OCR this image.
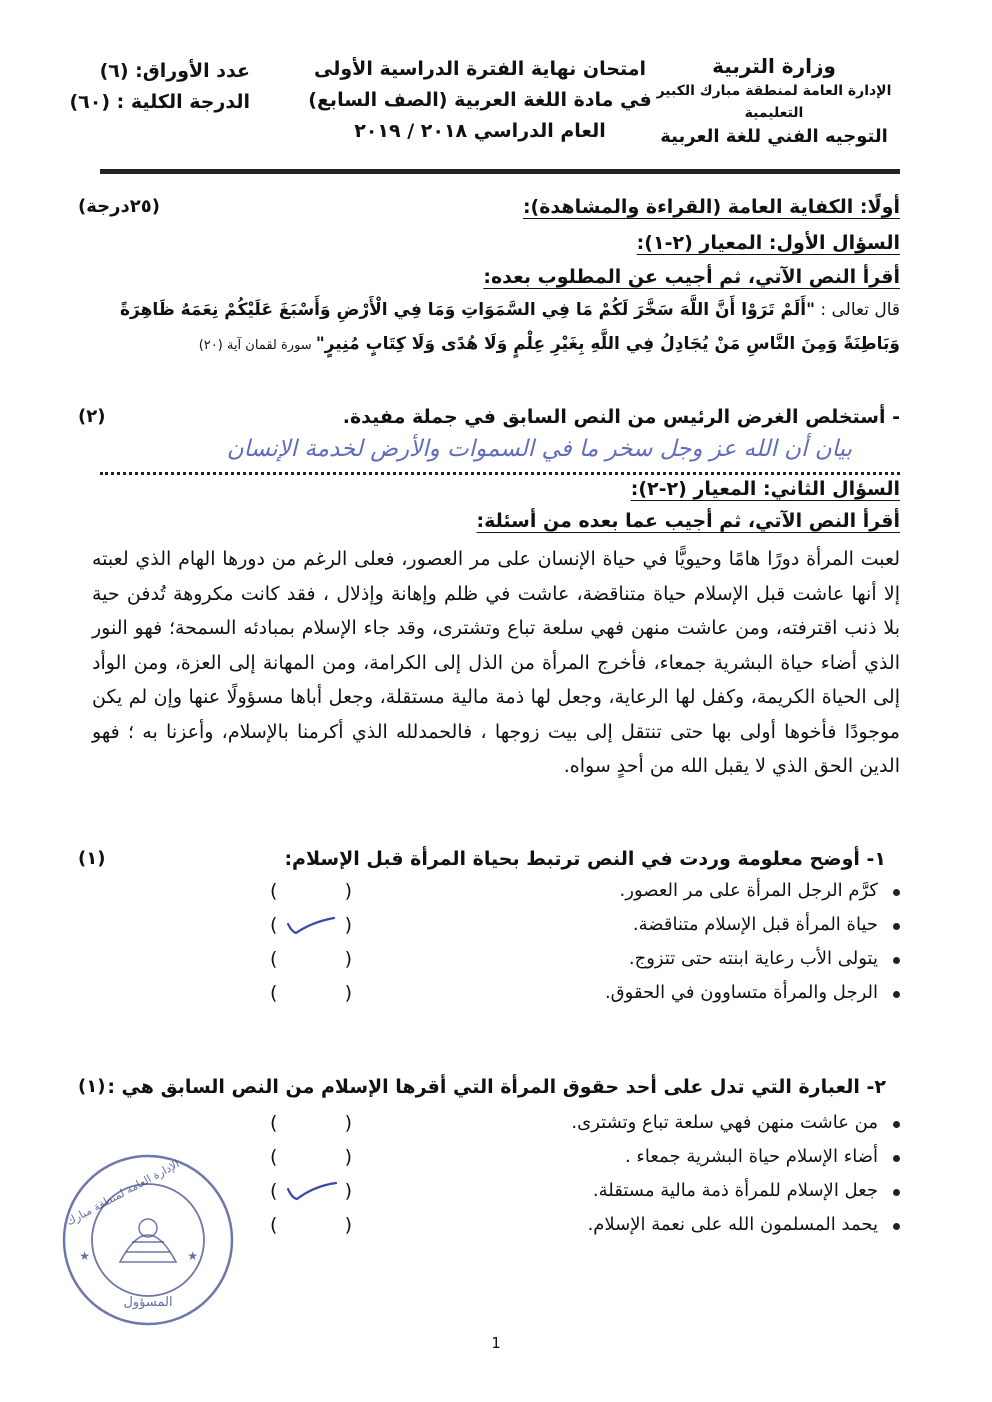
وزارة التربية
الإدارة العامة لمنطقة مبارك الكبير التعليمية
التوجيه الفني للغة العربية
امتحان نهاية الفترة الدراسية الأولى
في مادة اللغة العربية (الصف السابع)
العام الدراسي ٢٠١٨ / ٢٠١٩
عدد الأوراق: (٦)
الدرجة الكلية : (٦٠)
أولًا: الكفاية العامة (القراءة والمشاهدة):
(٢٥درجة)
السؤال الأول: المعيار (٢-١):
أقرأ النص الآتي، ثم أجيب عن المطلوب بعده:
قال تعالى : "أَلَمْ تَرَوْا أَنَّ اللَّهَ سَخَّرَ لَكُمْ مَا فِي السَّمَوَاتِ وَمَا فِي الْأَرْضِ وَأَسْبَغَ عَلَيْكُمْ نِعَمَهُ ظَاهِرَةً وَبَاطِنَةً وَمِنَ النَّاسِ مَنْ يُجَادِلُ فِي اللَّهِ بِغَيْرِ عِلْمٍ وَلَا هُدًى وَلَا كِتَابٍ مُنِيرٍ" سورة لقمان آية (٢٠)
- أستخلص الغرض الرئيس من النص السابق في جملة مفيدة.
(٢)
بيان أن الله عز وجل سخر ما في السموات والأرض لخدمة الإنسان
السؤال الثاني: المعيار (٢-٢):
أقرأ النص الآتي، ثم أجيب عما بعده من أسئلة:
لعبت المرأة دورًا هامًا وحيويًّا في حياة الإنسان على مر العصور، فعلى الرغم من دورها الهام الذي لعبته إلا أنها عاشت قبل الإسلام حياة متناقضة، عاشت في ظلم وإهانة وإذلال ، فقد كانت مكروهة تُدفن حية بلا ذنب اقترفته، ومن عاشت منهن فهي سلعة تباع وتشترى، وقد جاء الإسلام بمبادئه السمحة؛ فهو النور الذي أضاء حياة البشرية جمعاء، فأخرج المرأة من الذل إلى الكرامة، ومن المهانة إلى العزة، ومن الوأد إلى الحياة الكريمة، وكفل لها الرعاية، وجعل لها ذمة مالية مستقلة، وجعل أباها مسؤولًا عنها وإن لم يكن موجودًا فأخوها أولى بها حتى تنتقل إلى بيت زوجها ، فالحمدلله الذي أكرمنا بالإسلام، وأعزنا به ؛ فهو الدين الحق الذي لا يقبل الله من أحدٍ سواه.
١- أوضح معلومة وردت في النص ترتبط بحياة المرأة قبل الإسلام:
(١)
كرَّم الرجل المرأة على مر العصور.
(	)
حياة المرأة قبل الإسلام متناقضة.
(	)
يتولى الأب رعاية ابنته حتى تتزوج.
(	)
الرجل والمرأة متساوون في الحقوق.
(	)
٢- العبارة التي تدل على أحد حقوق المرأة التي أقرها الإسلام من النص السابق هي :
(١)
من عاشت منهن فهي سلعة تباع وتشترى.
(	)
أضاء الإسلام حياة البشرية جمعاء .
(	)
جعل الإسلام للمرأة ذمة مالية مستقلة.
(	)
يحمد المسلمون الله على نعمة الإسلام.
(	)
الإدارة العامة لمنطقة مبارك
★	★
المسؤول
1
